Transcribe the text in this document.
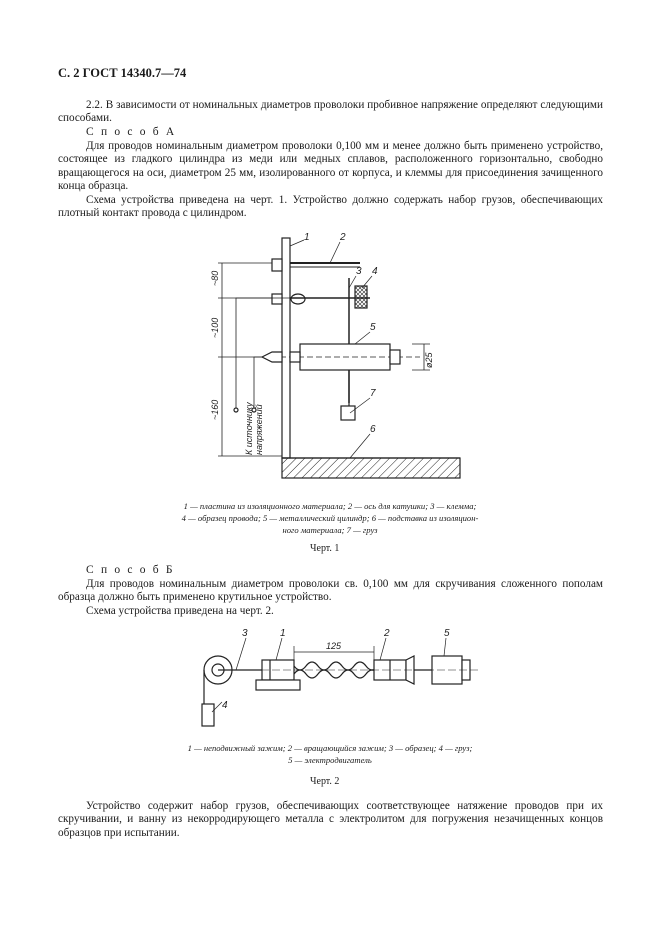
С. 2 ГОСТ 14340.7—74

2.2. В зависимости от номинальных диаметров проволоки пробивное напряжение определяют следующими способами.

С п о с о б А

Для проводов номинальным диаметром проволоки 0,100 мм и менее должно быть применено устройство, состоящее из гладкого цилиндра из меди или медных сплавов, расположенного горизонтально, свободно вращающегося на оси, диаметром 25 мм, изолированного от корпуса, и клеммы для присоединения зачищенного конца образца.

Схема устройства приведена на черт. 1. Устройство должно содержать набор грузов, обеспечивающих плотный контакт провода с цилиндром.

1	2
3 4
5
7
6
~80
~100
~160
ø25
К источнику напряжений
1 — пластина из изоляционного материала; 2 — ось для катушки; 3 — клемма;
4 — образец провода; 5 — металлический цилиндр; 6 — подставка из изоляцион-
ного материала; 7 — груз
Черт. 1
С п о с о б Б

Для проводов номинальным диаметром проволоки св. 0,100 мм для скручивания сложенного пополам образца должно быть применено крутильное устройство.

Схема устройства приведена на черт. 2.

3	1	2	5
4
125
1 — неподвижный зажим; 2 — вращающийся зажим; 3 — образец; 4 — груз;
5 — электродвигатель
Черт. 2

Устройство содержит набор грузов, обеспечивающих соответствующее натяжение проводов при их скручивании, и ванну из некорродирующего металла с электролитом для погружения незачищенных концов образцов при испытании.
